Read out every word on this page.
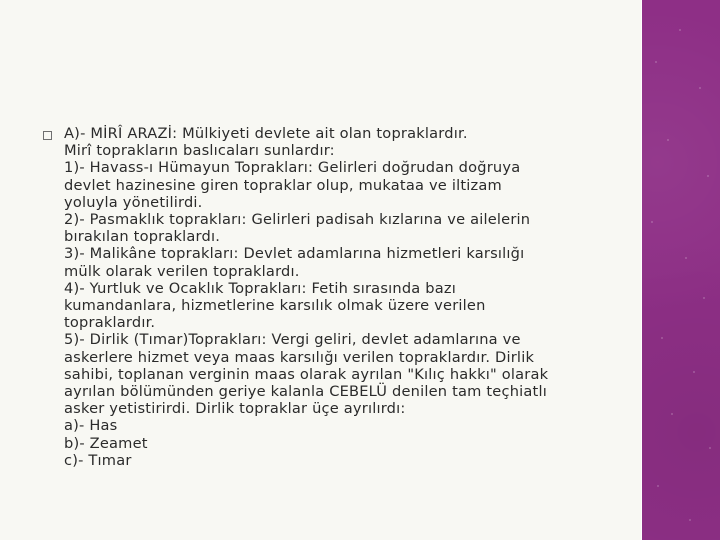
A)- MİRÎ ARAZİ: Mülkiyeti devlete ait olan topraklardır.
Mirî toprakların baslıcaları sunlardır:
1)- Havass-ı Hümayun Toprakları: Gelirleri doğrudan doğruya
devlet hazinesine giren topraklar olup, mukataa ve iltizam
yoluyla yönetilirdi.
2)- Pasmaklık toprakları: Gelirleri padisah kızlarına ve ailelerin
bırakılan topraklardı.
3)- Malikâne toprakları: Devlet adamlarına hizmetleri karsılığı
mülk olarak verilen topraklardı.
4)- Yurtluk ve Ocaklık Toprakları: Fetih sırasında bazı
kumandanlara, hizmetlerine karsılık olmak üzere verilen
topraklardır.
5)- Dirlik (Tımar)Toprakları: Vergi geliri, devlet adamlarına ve
askerlere hizmet veya maas karsılığı verilen topraklardır. Dirlik
sahibi, toplanan verginin maas olarak ayrılan "Kılıç hakkı" olarak
ayrılan bölümünden geriye kalanla CEBELÜ denilen tam teçhiatlı
asker yetistirirdi. Dirlik topraklar üçe ayrılırdı:
a)- Has
b)- Zeamet
c)- Tımar
